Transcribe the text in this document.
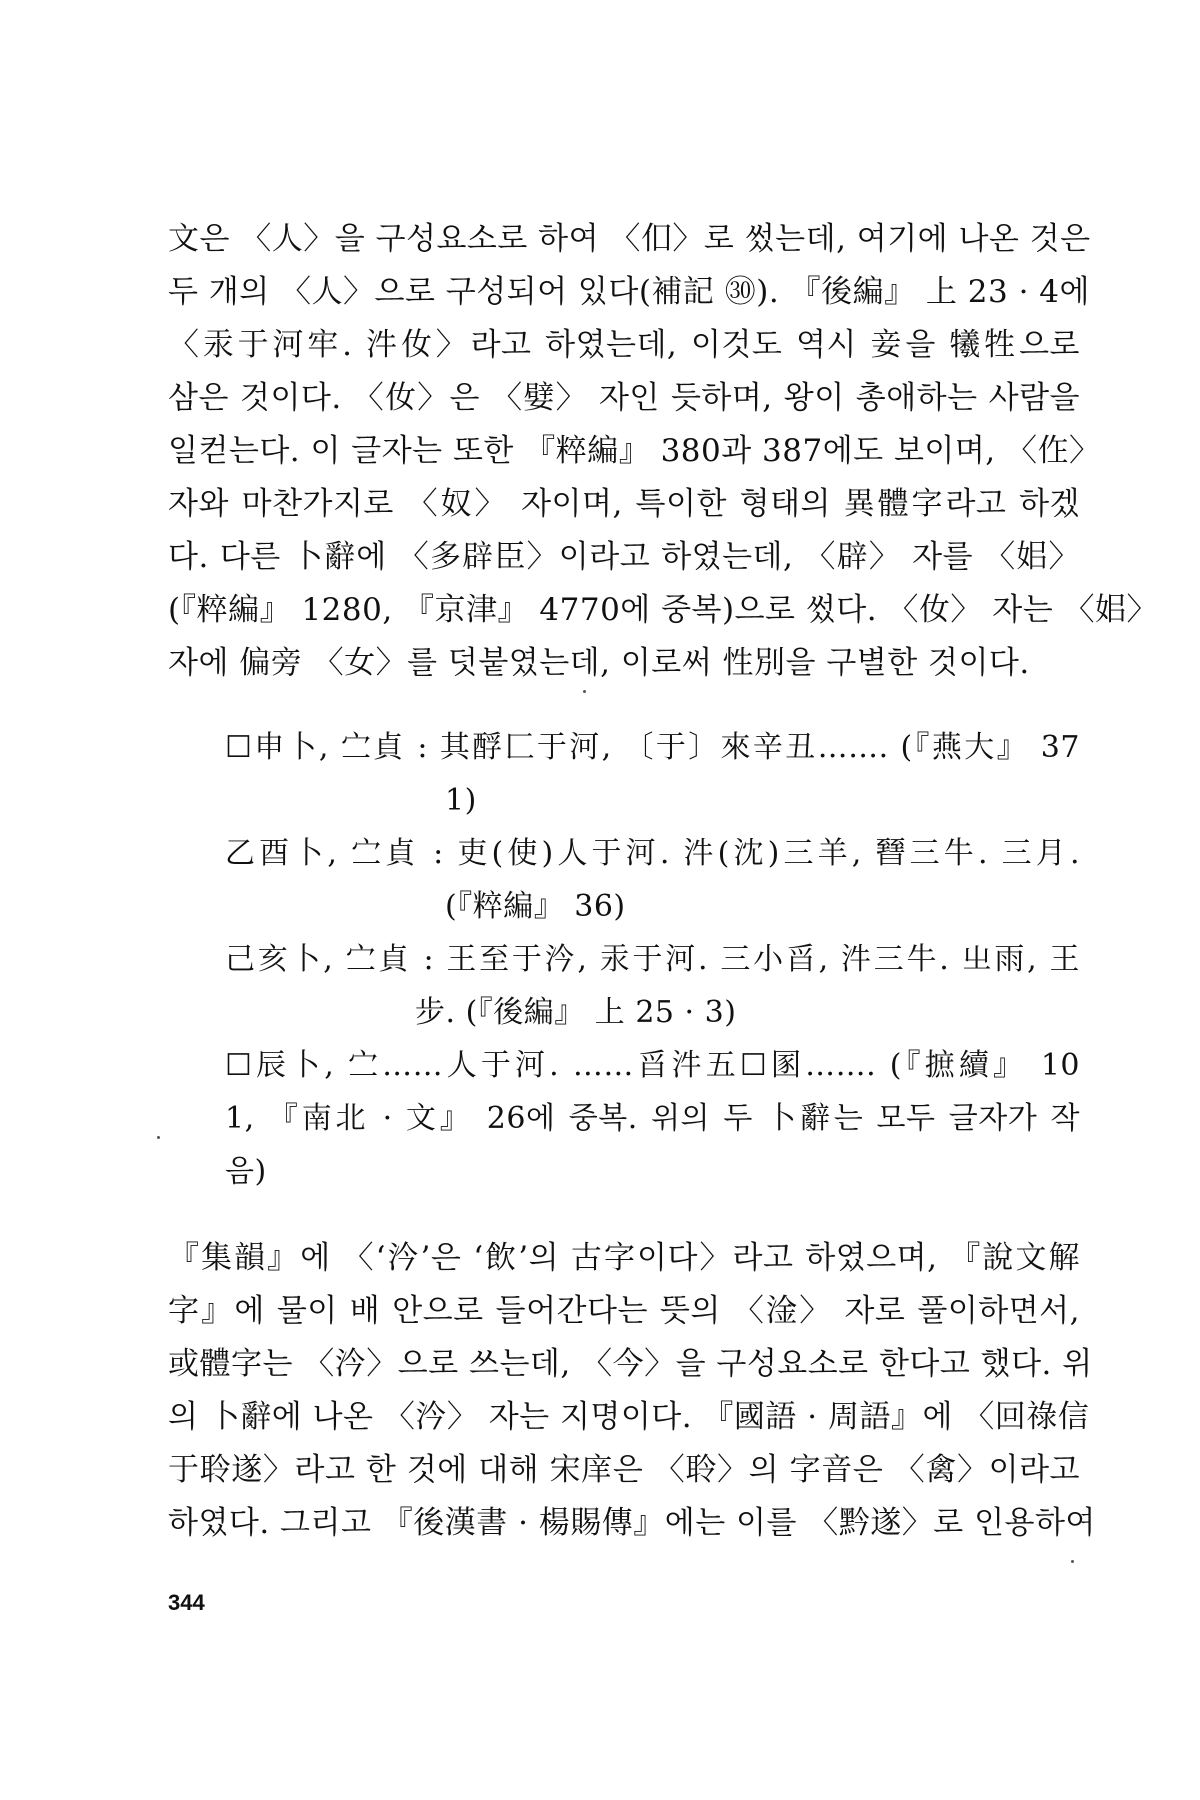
文은 〈人〉을 구성요소로 하여 〈㐰〉로 썼는데, 여기에 나온 것은
두 개의 〈人〉으로 구성되어 있다(補記 ㉚). 『後編』 上 23 · 4에
〈汞于河牢. 汼㚢〉라고 하였는데, 이것도 역시 妾을 犧牲으로
삼은 것이다. 〈㚢〉은 〈嬖〉 자인 듯하며, 왕이 총애하는 사람을
일컫는다. 이 글자는 또한 『粹編』 380과 387에도 보이며, 〈㑅〉
자와 마찬가지로 〈奴〉 자이며, 특이한 형태의 異體字라고 하겠
다. 다른 卜辭에 〈多辟臣〉이라고 하였는데, 〈辟〉 자를 〈㚶〉
(『粹編』 1280, 『京津』 4770에 중복)으로 썼다. 〈㚢〉 자는 〈㚶〉
자에 偏旁 〈女〉를 덧붙였는데, 이로써 性別을 구별한 것이다.
☐申卜, 㝉貞 : 其酻匚于河, 〔于〕來辛丑……. (『燕大』 37
1)
乙酉卜, 㝉貞 : 吏(使)人于河. 汼(沈)三羊, 㬜三牛. 三月.
(『粹編』 36)
己亥卜, 㝉貞 : 王至于汵, 汞于河. 三小㸓, 汼三牛. 㞢雨, 王
步. (『後編』 上 25 · 3)
☐辰卜, 㝉……人于河. ……㸓汼五☐圂……. (『摭續』 10
1, 『南北 · 文』 26에 중복. 위의 두 卜辭는 모두 글자가 작
음)
『集韻』에 〈‘汵’은 ‘飲’의 古字이다〉라고 하였으며, 『說文解
字』에 물이 배 안으로 들어간다는 뜻의 〈淦〉 자로 풀이하면서,
或體字는 〈汵〉으로 쓰는데, 〈今〉을 구성요소로 한다고 했다. 위
의 卜辭에 나온 〈汵〉 자는 지명이다. 『國語 · 周語』에 〈回祿信
于聆遂〉라고 한 것에 대해 宋庠은 〈聆〉의 字音은 〈禽〉이라고
하였다. 그리고 『後漢書 · 楊賜傳』에는 이를 〈黔遂〉로 인용하여
344
